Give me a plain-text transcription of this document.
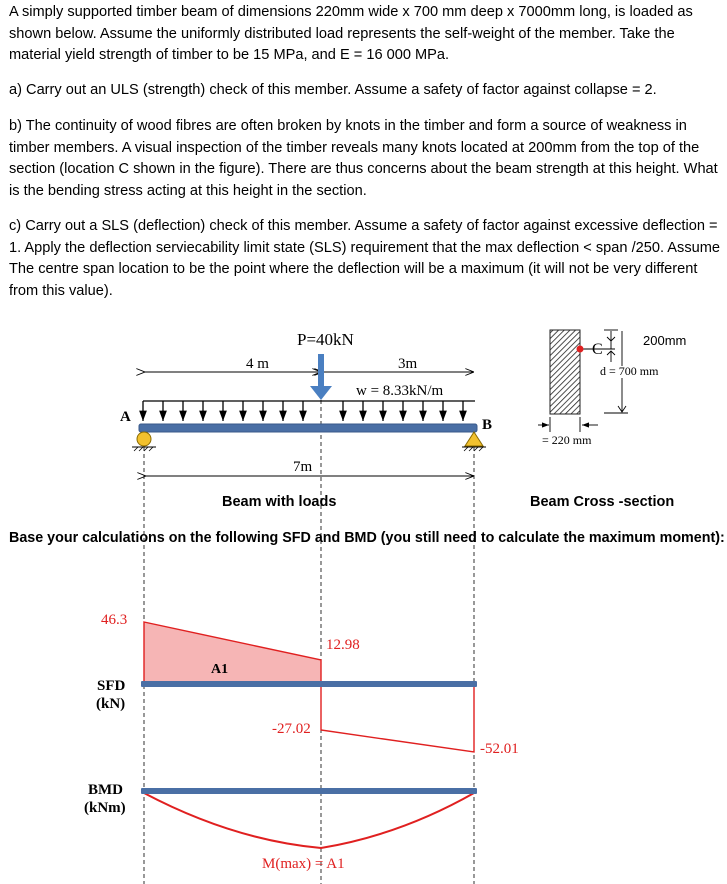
A simply supported timber beam of dimensions 220mm wide x 700 mm deep x 7000mm long, is loaded as shown below. Assume the uniformly distributed load represents the self-weight of the member. Take the material yield strength of timber to be 15 MPa, and E = 16 000 MPa.

a) Carry out an ULS (strength) check of this member. Assume a safety of factor against collapse = 2.

b) The continuity of wood fibres are often broken by knots in the timber and form a source of weakness in timber members. A visual inspection of the timber reveals many knots located at 200mm from the top of the section (location C shown in the figure). There are thus concerns about the beam strength at this height. What is the bending stress acting at this height in the section.

c) Carry out a SLS (deflection) check of this member. Assume a safety of factor against excessive deflection = 1. Apply the deflection serviecability limit state (SLS) requirement that the max deflection < span /250. Assume The centre span location to be the point where the deflection will be a maximum (it will not be very different from this value).

P=40kN
4 m	3m
w = 8.33kN/m
A	B
7m
Beam with loads
200mm
C
d = 700 mm
= 220 mm
Beam Cross -section
Base your calculations on the following SFD and BMD (you still need to calculate the maximum moment):
46.3
12.98
A1
SFD
(kN)
-27.02
-52.01
BMD
(kNm)
M(max) = A1
